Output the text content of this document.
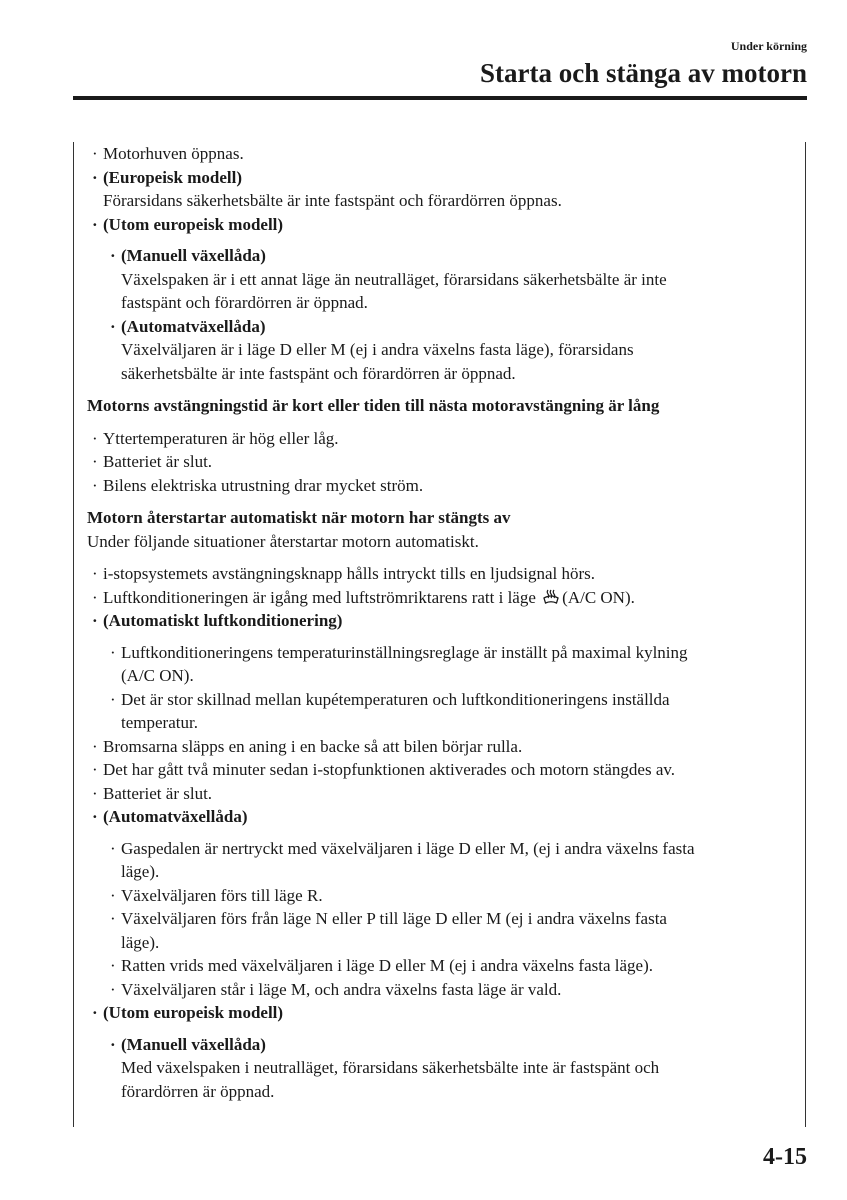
Under körning
Starta och stänga av motorn
· Motorhuven öppnas.
· (Europeisk modell)
Förarsidans säkerhetsbälte är inte fastspänt och förardörren öppnas.
· (Utom europeisk modell)
· (Manuell växellåda)
Växelspaken är i ett annat läge än neutralläget, förarsidans säkerhetsbälte är inte
fastspänt och förardörren är öppnad.
· (Automatväxellåda)
Växelväljaren är i läge D eller M (ej i andra växelns fasta läge), förarsidans
säkerhetsbälte är inte fastspänt och förardörren är öppnad.
Motorns avstängningstid är kort eller tiden till nästa motoravstängning är lång
· Yttertemperaturen är hög eller låg.
· Batteriet är slut.
· Bilens elektriska utrustning drar mycket ström.
Motorn återstartar automatiskt när motorn har stängts av
Under följande situationer återstartar motorn automatiskt.
· i-stopsystemets avstängningsknapp hålls intryckt tills en ljudsignal hörs.
· Luftkonditioneringen är igång med luftströmriktarens ratt i läge (A/C ON).
· (Automatiskt luftkonditionering)
· Luftkonditioneringens temperaturinställningsreglage är inställt på maximal kylning
(A/C ON).
· Det är stor skillnad mellan kupétemperaturen och luftkonditioneringens inställda
temperatur.
· Bromsarna släpps en aning i en backe så att bilen börjar rulla.
· Det har gått två minuter sedan i-stopfunktionen aktiverades och motorn stängdes av.
· Batteriet är slut.
· (Automatväxellåda)
· Gaspedalen är nertryckt med växelväljaren i läge D eller M, (ej i andra växelns fasta
läge).
· Växelväljaren förs till läge R.
· Växelväljaren förs från läge N eller P till läge D eller M (ej i andra växelns fasta
läge).
· Ratten vrids med växelväljaren i läge D eller M (ej i andra växelns fasta läge).
· Växelväljaren står i läge M, och andra växelns fasta läge är vald.
· (Utom europeisk modell)
· (Manuell växellåda)
Med växelspaken i neutralläget, förarsidans säkerhetsbälte inte är fastspänt och
förardörren är öppnad.
4-15
